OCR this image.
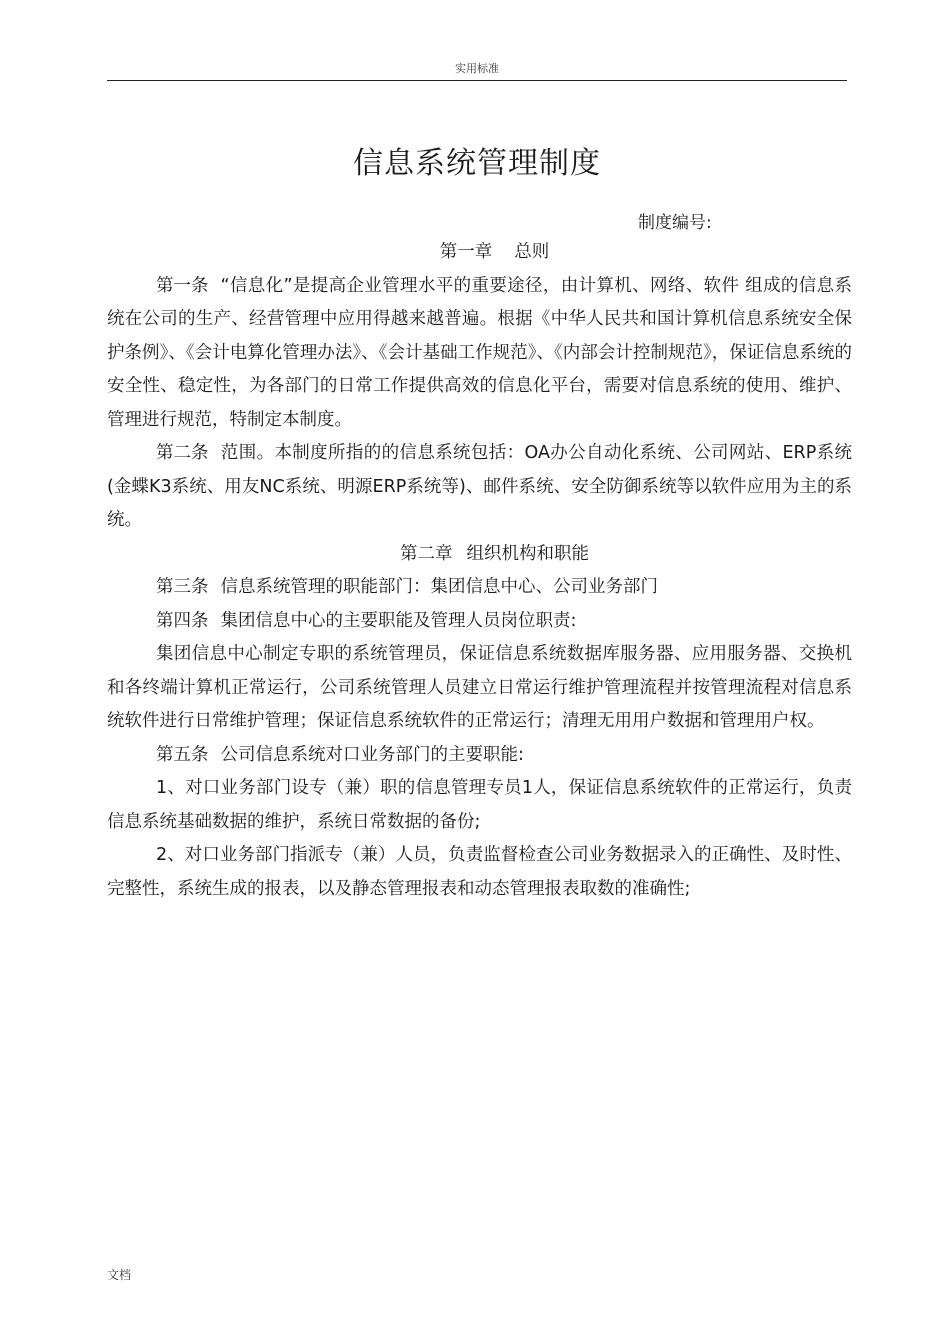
实用标准
信息系统管理制度
制度编号:

第一章 总则

第一条 “信息化”是提高企业管理水平的重要途径，由计算机、网络、软件 组成的信息系统在公司的生产、经营管理中应用得越来越普遍。根据《中华人民共和国计算机信息系统安全保护条例》、《会计电算化管理办法》、《会计基础工作规范》、《内部会计控制规范》，保证信息系统的安全性、稳定性，为各部门的日常工作提供高效的信息化平台，需要对信息系统的使用、维护、管理进行规范，特制定本制度。

第二条 范围。本制度所指的的信息系统包括：OA办公自动化系统、公司网站、ERP系统(金蝶K3系统、用友NC系统、明源ERP系统等)、邮件系统、安全防御系统等以软件应用为主的系统。

第二章 组织机构和职能

第三条 信息系统管理的职能部门：集团信息中心、公司业务部门

第四条 集团信息中心的主要职能及管理人员岗位职责:

集团信息中心制定专职的系统管理员，保证信息系统数据库服务器、应用服务器、交换机和各终端计算机正常运行，公司系统管理人员建立日常运行维护管理流程并按管理流程对信息系统软件进行日常维护管理；保证信息系统软件的正常运行；清理无用用户数据和管理用户权。

第五条 公司信息系统对口业务部门的主要职能:

1、对口业务部门设专（兼）职的信息管理专员1人，保证信息系统软件的正常运行，负责信息系统基础数据的维护，系统日常数据的备份;

2、对口业务部门指派专（兼）人员，负责监督检查公司业务数据录入的正确性、及时性、完整性，系统生成的报表，以及静态管理报表和动态管理报表取数的准确性;

文档
